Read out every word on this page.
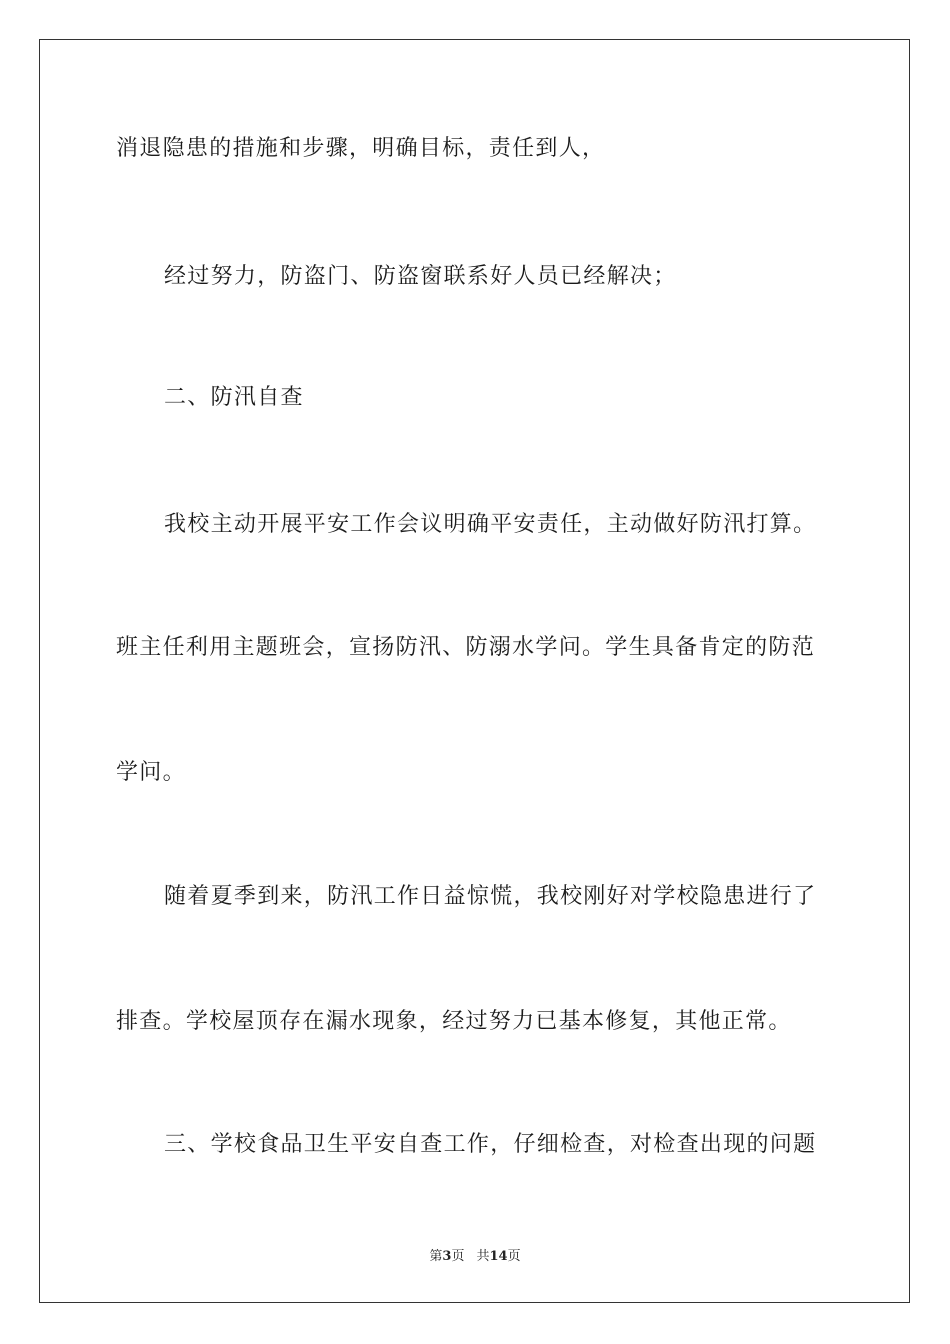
消退隐患的措施和步骤，明确目标，责任到人，
经过努力，防盗门、防盗窗联系好人员已经解决；
二、防汛自查
我校主动开展平安工作会议明确平安责任，主动做好防汛打算。
班主任利用主题班会，宣扬防汛、防溺水学问。学生具备肯定的防范
学问。
随着夏季到来，防汛工作日益惊慌，我校刚好对学校隐患进行了
排查。学校屋顶存在漏水现象，经过努力已基本修复，其他正常。
三、学校食品卫生平安自查工作，仔细检查，对检查出现的问题
第3页 共14页
